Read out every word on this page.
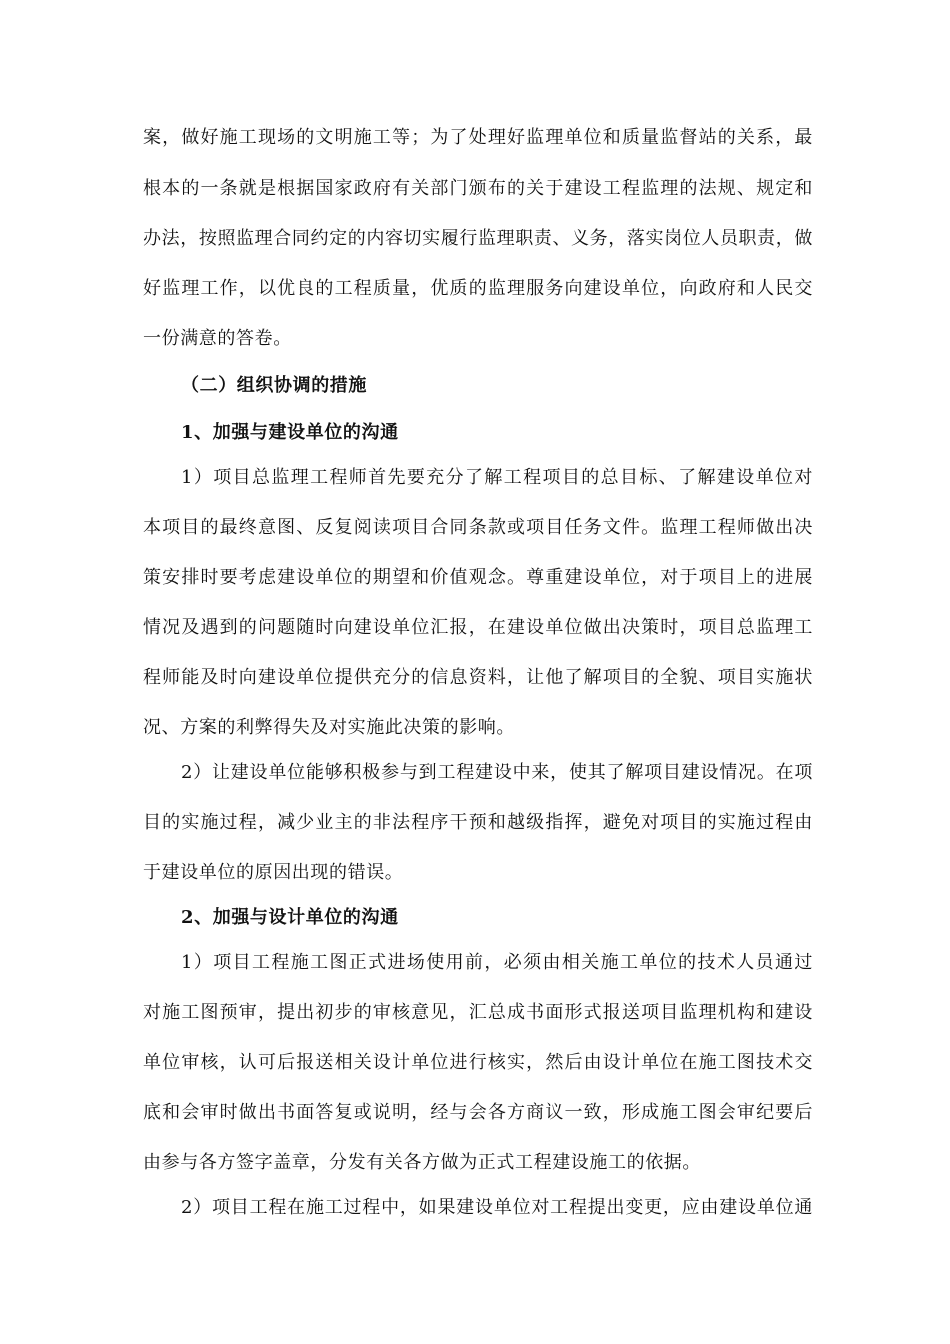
案，做好施工现场的文明施工等；为了处理好监理单位和质量监督站的关系，最

根本的一条就是根据国家政府有关部门颁布的关于建设工程监理的法规、规定和

办法，按照监理合同约定的内容切实履行监理职责、义务，落实岗位人员职责，做

好监理工作，以优良的工程质量，优质的监理服务向建设单位，向政府和人民交

一份满意的答卷。

（二）组织协调的措施

1、加强与建设单位的沟通

1）项目总监理工程师首先要充分了解工程项目的总目标、了解建设单位对

本项目的最终意图、反复阅读项目合同条款或项目任务文件。监理工程师做出决

策安排时要考虑建设单位的期望和价值观念。尊重建设单位，对于项目上的进展

情况及遇到的问题随时向建设单位汇报，在建设单位做出决策时，项目总监理工

程师能及时向建设单位提供充分的信息资料，让他了解项目的全貌、项目实施状

况、方案的利弊得失及对实施此决策的影响。

2）让建设单位能够积极参与到工程建设中来，使其了解项目建设情况。在项

目的实施过程，减少业主的非法程序干预和越级指挥，避免对项目的实施过程由

于建设单位的原因出现的错误。

2、加强与设计单位的沟通

1）项目工程施工图正式进场使用前，必须由相关施工单位的技术人员通过

对施工图预审，提出初步的审核意见，汇总成书面形式报送项目监理机构和建设

单位审核，认可后报送相关设计单位进行核实，然后由设计单位在施工图技术交

底和会审时做出书面答复或说明，经与会各方商议一致，形成施工图会审纪要后

由参与各方签字盖章，分发有关各方做为正式工程建设施工的依据。

2）项目工程在施工过程中，如果建设单位对工程提出变更，应由建设单位通
